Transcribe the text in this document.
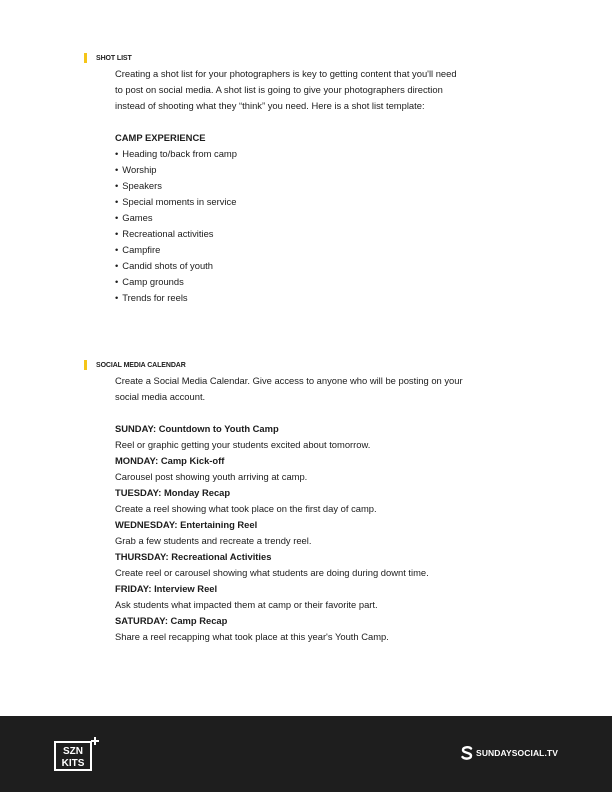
SHOT LIST

Creating a shot list for your photographers is key to getting content that you'll need

to post on social media. A shot list is going to give your photographers direction

instead of shooting what they “think” you need. Here is a shot list template:

CAMP EXPERIENCE

• Heading to/back from camp
• Worship
• Speakers
• Special moments in service
• Games
• Recreational activities
• Campfire
• Candid shots of youth
• Camp grounds
• Trends for reels
SOCIAL MEDIA CALENDAR

Create a Social Media Calendar. Give access to anyone who will be posting on your

social media account.

SUNDAY: Countdown to Youth Camp

Reel or graphic getting your students excited about tomorrow.

MONDAY: Camp Kick-off

Carousel post showing youth arriving at camp.

TUESDAY: Monday Recap

Create a reel showing what took place on the first day of camp.

WEDNESDAY: Entertaining Reel

Grab a few students and recreate a trendy reel.

THURSDAY: Recreational Activities

Create reel or carousel showing what students are doing during downt time.

FRIDAY: Interview Reel

Ask students what impacted them at camp or their favorite part.

SATURDAY: Camp Recap

Share a reel recapping what took place at this year's Youth Camp.

SZN
KITS
SUNDAYSOCIAL.TV
